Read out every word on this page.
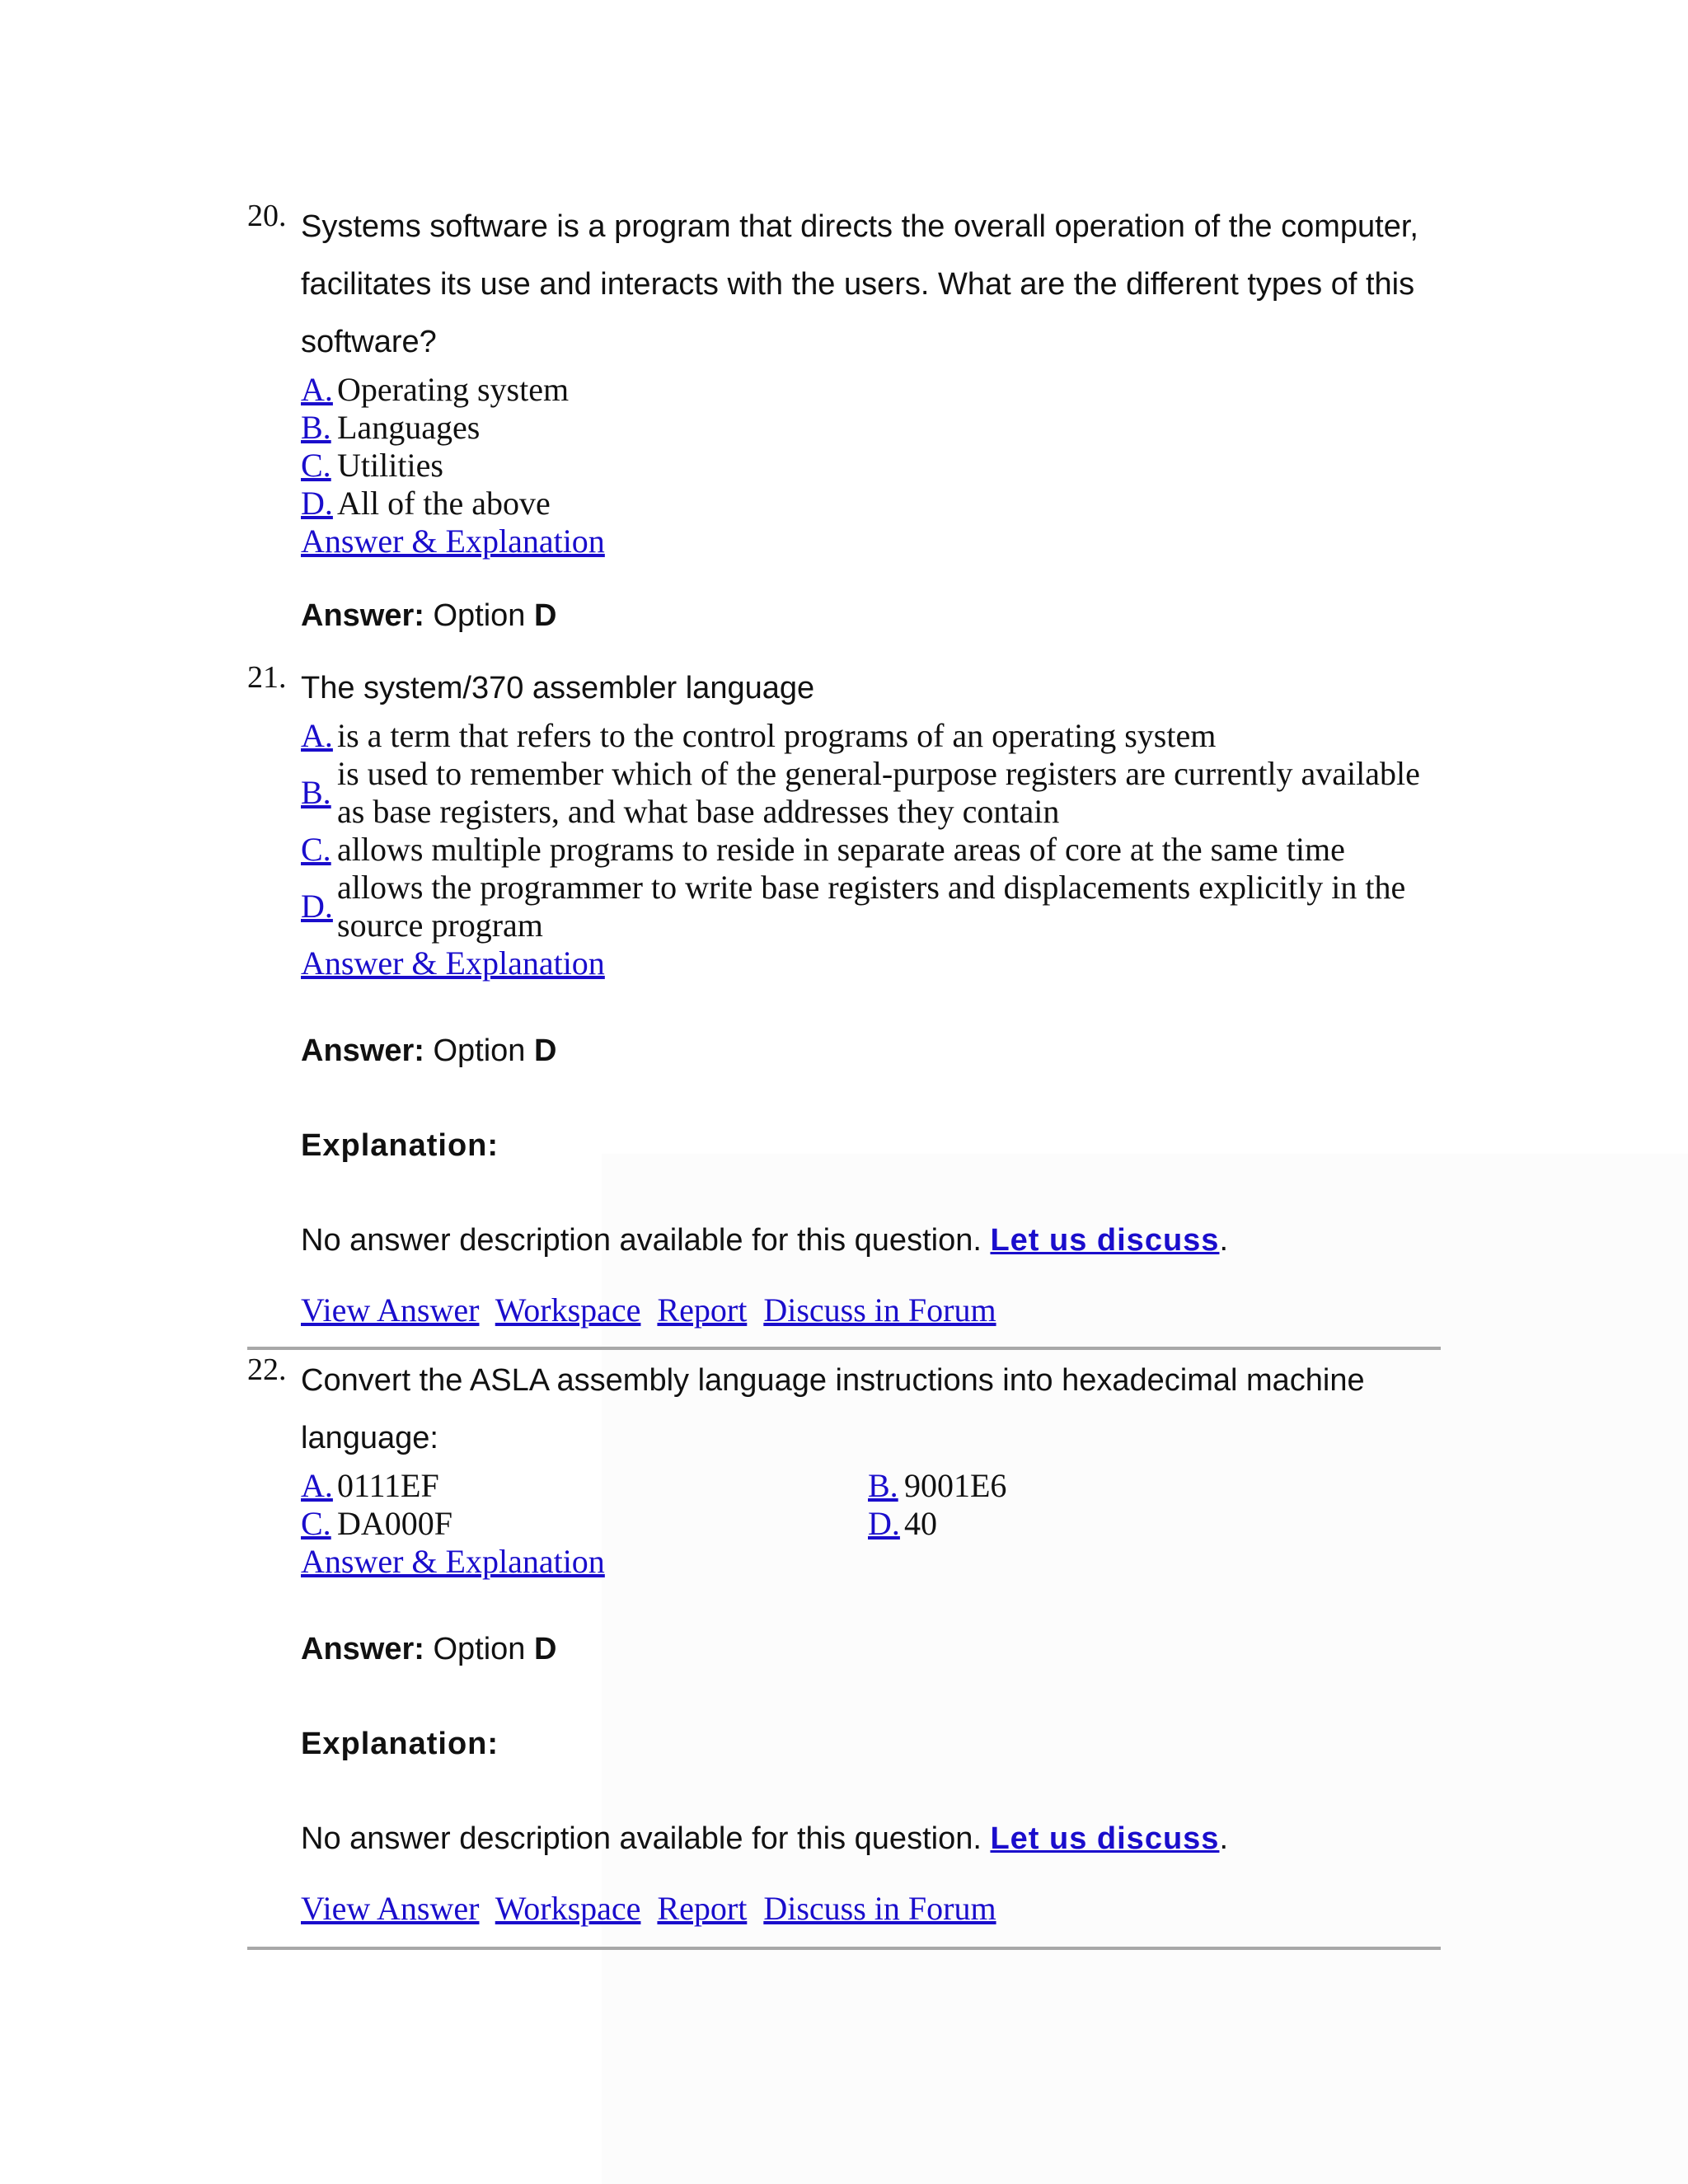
20. Systems software is a program that directs the overall operation of the computer, facilitates its use and interacts with the users. What are the different types of this software?
A. Operating system
B. Languages
C. Utilities
D. All of the above
Answer & Explanation
Answer: Option D
21. The system/370 assembler language
A. is a term that refers to the control programs of an operating system
B.
is used to remember which of the general-purpose registers are currently available as base registers, and what base addresses they contain
C. allows multiple programs to reside in separate areas of core at the same time
D.
allows the programmer to write base registers and displacements explicitly in the source program
Answer & Explanation
Answer: Option D
Explanation:
No answer description available for this question. Let us discuss.
View Answer Workspace Report Discuss in Forum
22. Convert the ASLA assembly language instructions into hexadecimal machine language:
A. 0111EF	B. 9001E6
C. DA000F	D. 40
Answer & Explanation
Answer: Option D
Explanation:
No answer description available for this question. Let us discuss.
View Answer Workspace Report Discuss in Forum
